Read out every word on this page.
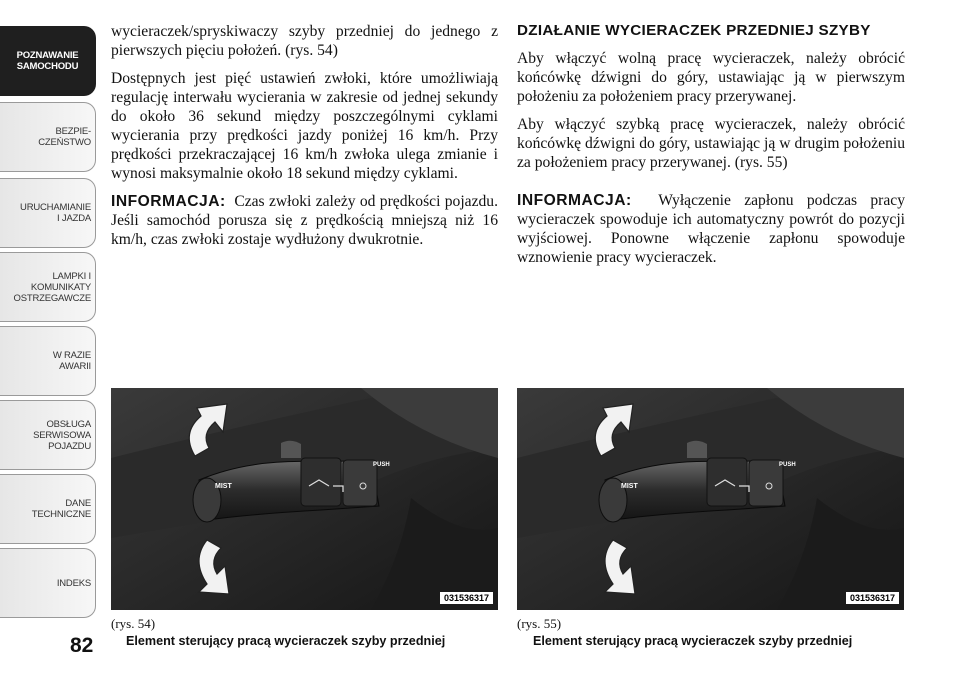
POZNAWANIE
SAMOCHODU
BEZPIE-
CZEŃSTWO
URUCHAMIANIE
I JAZDA
LAMPKI I
KOMUNIKATY
OSTRZEGAWCZE
W RAZIE
AWARII
OBSŁUGA
SERWISOWA
POJAZDU
DANE
TECHNICZNE
INDEKS
82

wycieraczek/spryskiwaczy szyby przedniej do jednego z pierwszych pięciu położeń. (rys. 54)

Dostępnych jest pięć ustawień zwłoki, które umożliwiają regulację interwału wycierania w zakresie od jednej sekundy do około 36 sekund między poszczególnymi cyklami wycierania przy prędkości jazdy poniżej 16 km/h. Przy prędkości przekraczającej 16 km/h zwłoka ulega zmianie i wynosi maksymalnie około 18 sekund między cyklami.

INFORMACJA: Czas zwłoki zależy od prędkości pojazdu. Jeśli samochód porusza się z prędkością mniejszą niż 16 km/h, czas zwłoki zostaje wydłużony dwukrotnie.

DZIAŁANIE WYCIERACZEK PRZEDNIEJ SZYBY

Aby włączyć wolną pracę wycieraczek, należy obrócić końcówkę dźwigni do góry, ustawiając ją w pierwszym położeniu za położeniem pracy przerywanej.

Aby włączyć szybką pracę wycieraczek, należy obrócić końcówkę dźwigni do góry, ustawiając ją w drugim położeniu za położeniem pracy przerywanej. (rys. 55)

INFORMACJA: Wyłączenie zapłonu podczas pracy wycieraczek spowoduje ich automatyczny powrót do pozycji wyjściowej. Ponowne włączenie zapłonu spowoduje wznowienie pracy wycieraczek.

MIST
PUSH
031536317
MIST
PUSH
031536317
(rys. 54)
Element sterujący pracą wycieraczek szyby przedniej
(rys. 55)
Element sterujący pracą wycieraczek szyby przedniej
